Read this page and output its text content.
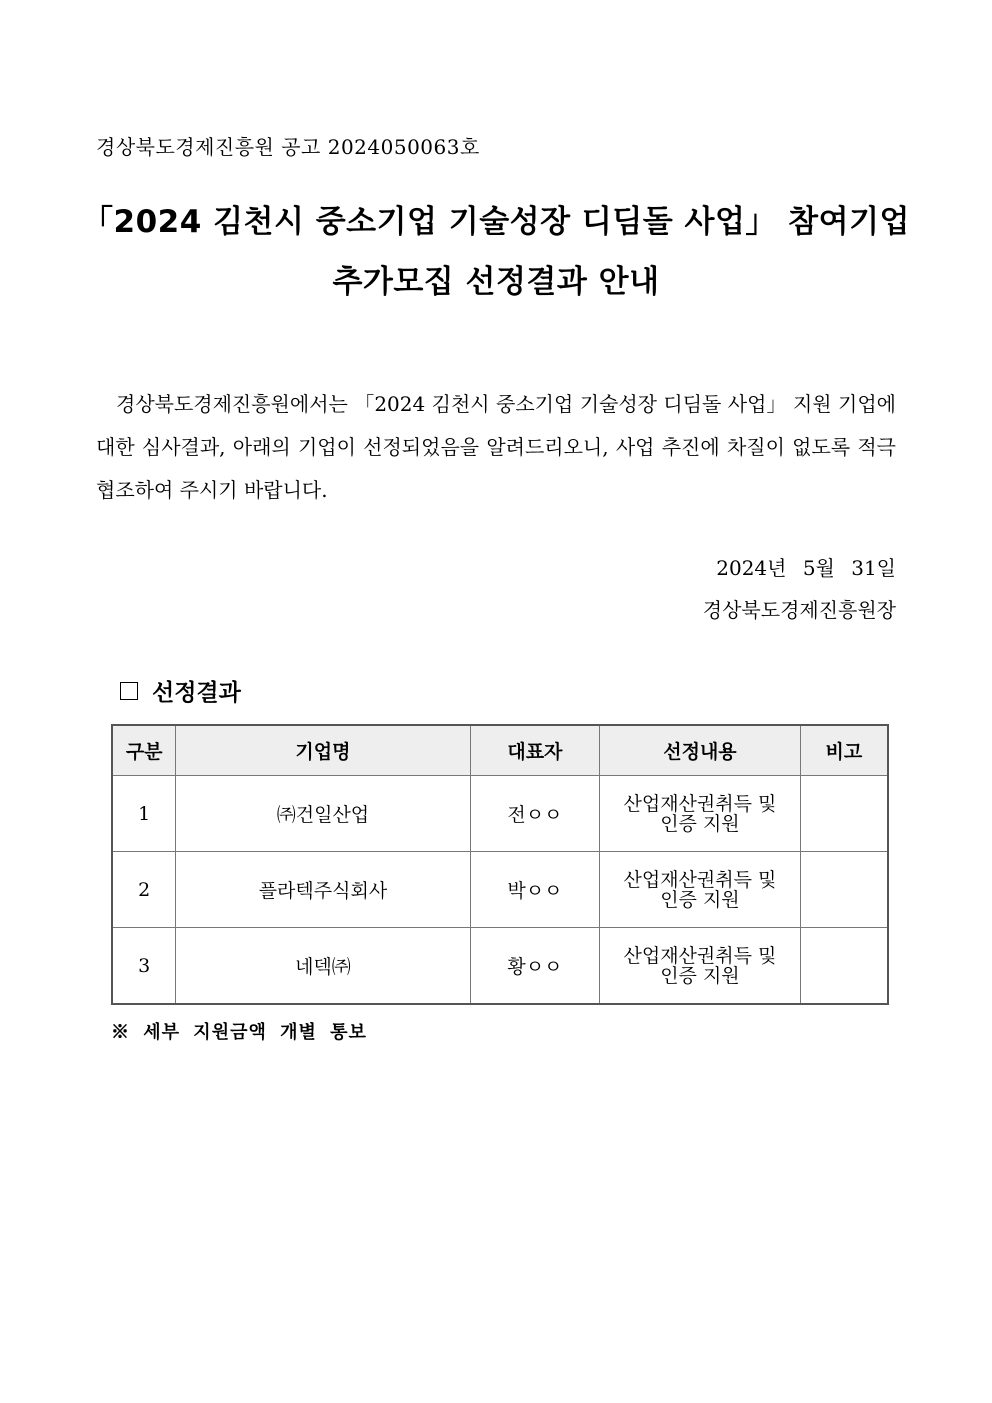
경상북도경제진흥원 공고 2024050063호
「2024 김천시 중소기업 기술성장 디딤돌 사업」 참여기업
추가모집 선정결과 안내
경상북도경제진흥원에서는 「2024 김천시 중소기업 기술성장 디딤돌 사업」 지원 기업에 대한 심사결과, 아래의 기업이 선정되었음을 알려드리오니, 사업 추진에 차질이 없도록 적극 협조하여 주시기 바랍니다.
2024년 5월 31일
경상북도경제진흥원장
선정결과
구분	기업명	대표자	선정내용	비고
1	㈜건일산업	전ㅇㅇ	산업재산권취득 및
인증 지원	
2	플라텍주식회사	박ㅇㅇ	산업재산권취득 및
인증 지원	
3	네덱㈜	황ㅇㅇ	산업재산권취득 및
인증 지원	
※ 세부 지원금액 개별 통보
